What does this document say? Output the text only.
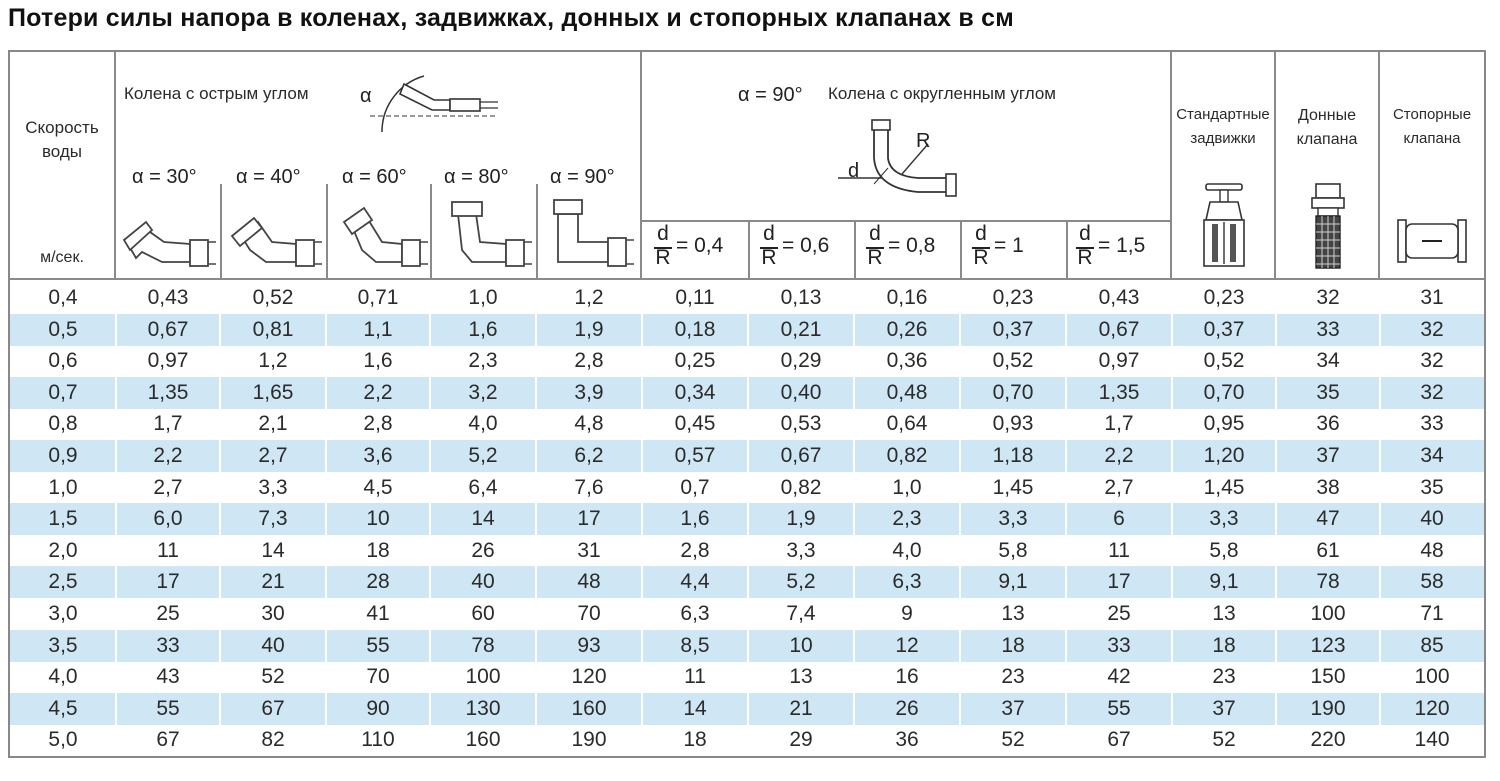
Потери силы напора в коленах, задвижках, донных и стопорных клапанах в см
Скорость
воды
м/сек.
Колена с острым углом	α
α = 30° α = 40° α = 60° α = 80° α = 90°
α = 90° Колена с округленным углом
d
R
d
R
= 0,4
d
R
= 0,6
d
R
= 0,8
d
R
= 1
d
R
= 1,5
Стандартные
задвижки
Донные
клапана
Стопорные
клапана
0,4	0,43	0,52	0,71	1,0	1,2	0,11	0,13	0,16	0,23	0,43	0,23	32	31
0,5	0,67	0,81	1,1	1,6	1,9	0,18	0,21	0,26	0,37	0,67	0,37	33	32
0,6	0,97	1,2	1,6	2,3	2,8	0,25	0,29	0,36	0,52	0,97	0,52	34	32
0,7	1,35	1,65	2,2	3,2	3,9	0,34	0,40	0,48	0,70	1,35	0,70	35	32
0,8	1,7	2,1	2,8	4,0	4,8	0,45	0,53	0,64	0,93	1,7	0,95	36	33
0,9	2,2	2,7	3,6	5,2	6,2	0,57	0,67	0,82	1,18	2,2	1,20	37	34
1,0	2,7	3,3	4,5	6,4	7,6	0,7	0,82	1,0	1,45	2,7	1,45	38	35
1,5	6,0	7,3	10	14	17	1,6	1,9	2,3	3,3	6	3,3	47	40
2,0	11	14	18	26	31	2,8	3,3	4,0	5,8	11	5,8	61	48
2,5	17	21	28	40	48	4,4	5,2	6,3	9,1	17	9,1	78	58
3,0	25	30	41	60	70	6,3	7,4	9	13	25	13	100	71
3,5	33	40	55	78	93	8,5	10	12	18	33	18	123	85
4,0	43	52	70	100	120	11	13	16	23	42	23	150	100
4,5	55	67	90	130	160	14	21	26	37	55	37	190	120
5,0	67	82	110	160	190	18	29	36	52	67	52	220	140
